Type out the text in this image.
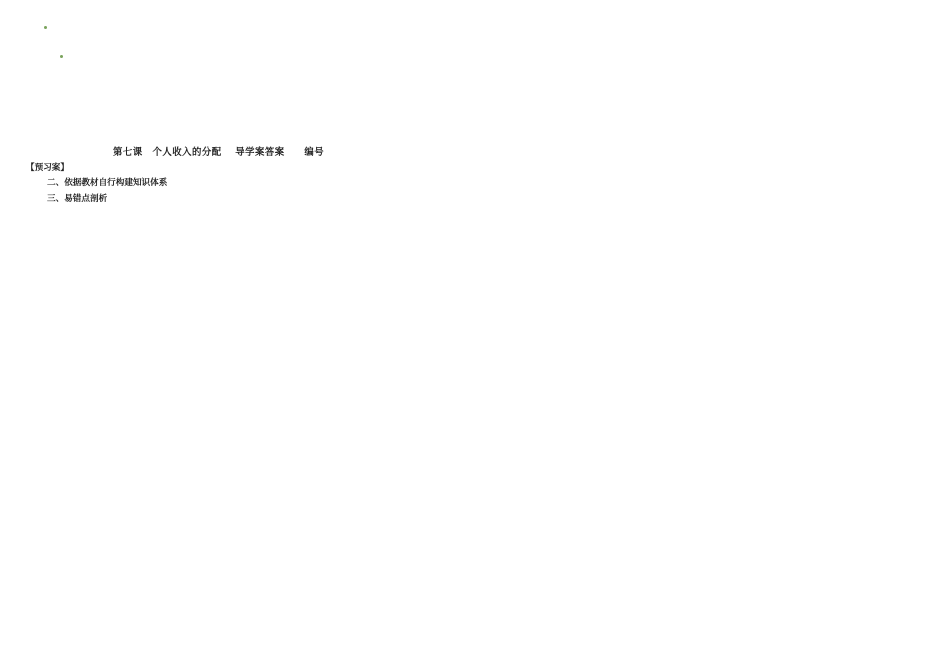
第七课　个人收入的分配　 导学案答案　　编号
【预习案】
二、依据教材自行构建知识体系
三、易错点剖析
